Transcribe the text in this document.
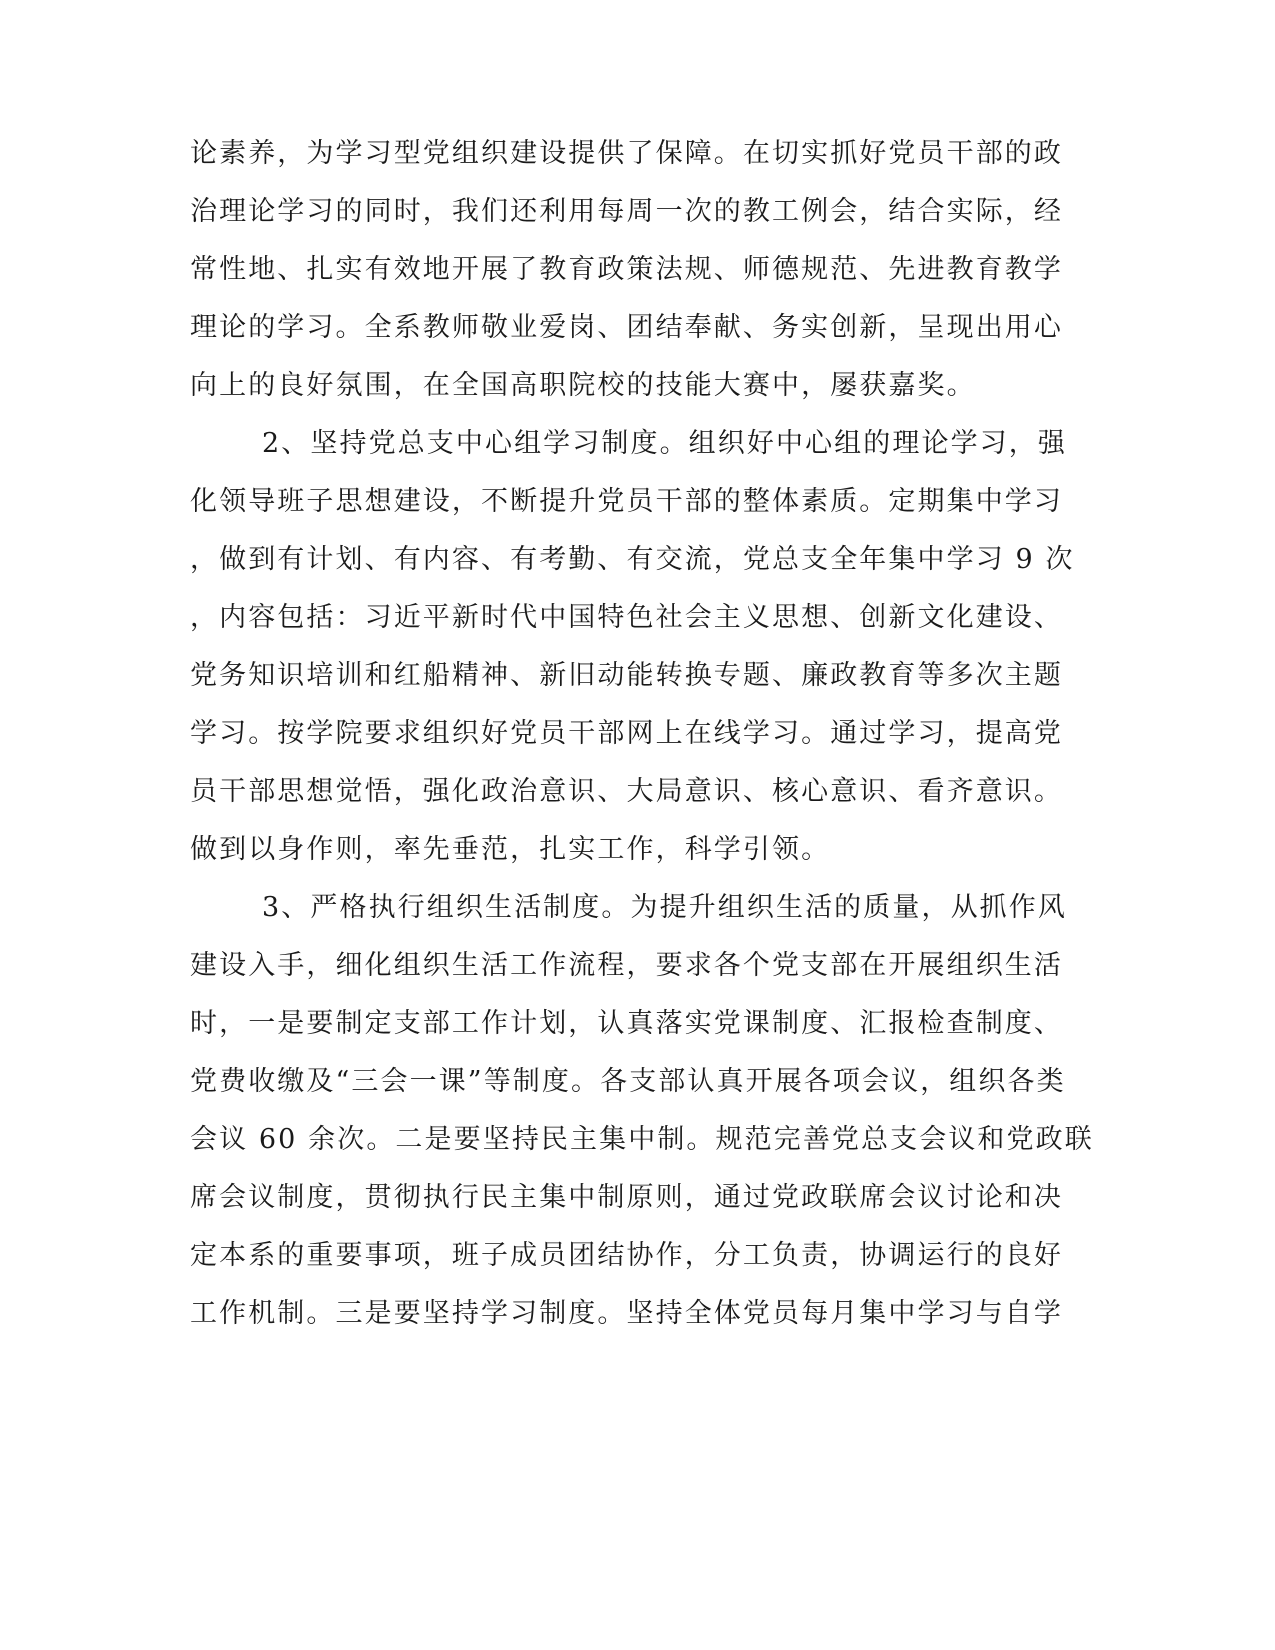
论素养，为学习型党组织建设提供了保障。在切实抓好党员干部的政
治理论学习的同时，我们还利用每周一次的教工例会，结合实际，经
常性地、扎实有效地开展了教育政策法规、师德规范、先进教育教学
理论的学习。全系教师敬业爱岗、团结奉献、务实创新，呈现出用心
向上的良好氛围，在全国高职院校的技能大赛中，屡获嘉奖。
2、坚持党总支中心组学习制度。组织好中心组的理论学习，强
化领导班子思想建设，不断提升党员干部的整体素质。定期集中学习
，做到有计划、有内容、有考勤、有交流，党总支全年集中学习 9 次
，内容包括：习近平新时代中国特色社会主义思想、创新文化建设、
党务知识培训和红船精神、新旧动能转换专题、廉政教育等多次主题
学习。按学院要求组织好党员干部网上在线学习。通过学习，提高党
员干部思想觉悟，强化政治意识、大局意识、核心意识、看齐意识。
做到以身作则，率先垂范，扎实工作，科学引领。
3、严格执行组织生活制度。为提升组织生活的质量，从抓作风
建设入手，细化组织生活工作流程，要求各个党支部在开展组织生活
时，一是要制定支部工作计划，认真落实党课制度、汇报检查制度、
党费收缴及“三会一课”等制度。各支部认真开展各项会议，组织各类
会议 60 余次。二是要坚持民主集中制。规范完善党总支会议和党政联
席会议制度，贯彻执行民主集中制原则，通过党政联席会议讨论和决
定本系的重要事项，班子成员团结协作，分工负责，协调运行的良好
工作机制。三是要坚持学习制度。坚持全体党员每月集中学习与自学
